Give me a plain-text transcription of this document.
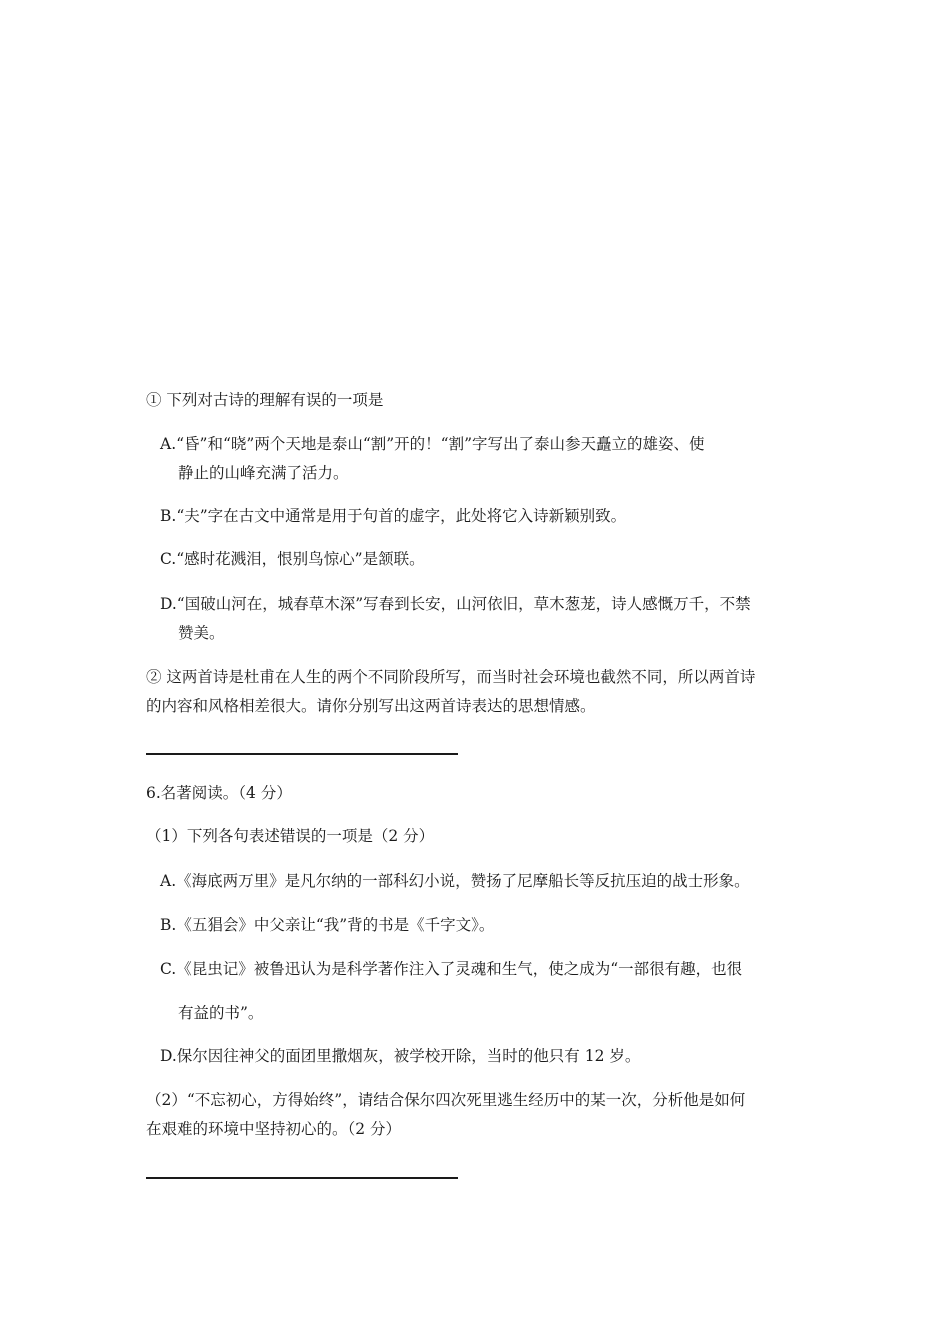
① 下列对古诗的理解有误的一项是
A.“昏”和“晓”两个天地是泰山“割”开的！“割”字写出了泰山参天矗立的雄姿、使
静止的山峰充满了活力。
B.“夫”字在古文中通常是用于句首的虚字，此处将它入诗新颖别致。
C.“感时花溅泪，恨别鸟惊心”是颔联。
D.“国破山河在，城春草木深”写春到长安，山河依旧，草木葱茏，诗人感慨万千，不禁
赞美。
② 这两首诗是杜甫在人生的两个不同阶段所写，而当时社会环境也截然不同，所以两首诗
的内容和风格相差很大。请你分别写出这两首诗表达的思想情感。
6.名著阅读。（4 分）
（1）下列各句表述错误的一项是（2 分）
A.《海底两万里》是凡尔纳的一部科幻小说，赞扬了尼摩船长等反抗压迫的战士形象。
B.《五猖会》中父亲让“我”背的书是《千字文》。
C.《昆虫记》被鲁迅认为是科学著作注入了灵魂和生气，使之成为“一部很有趣，也很
有益的书”。
D.保尔因往神父的面团里撒烟灰，被学校开除，当时的他只有 12 岁。
（2）“不忘初心，方得始终”，请结合保尔四次死里逃生经历中的某一次，分析他是如何
在艰难的环境中坚持初心的。（2 分）
